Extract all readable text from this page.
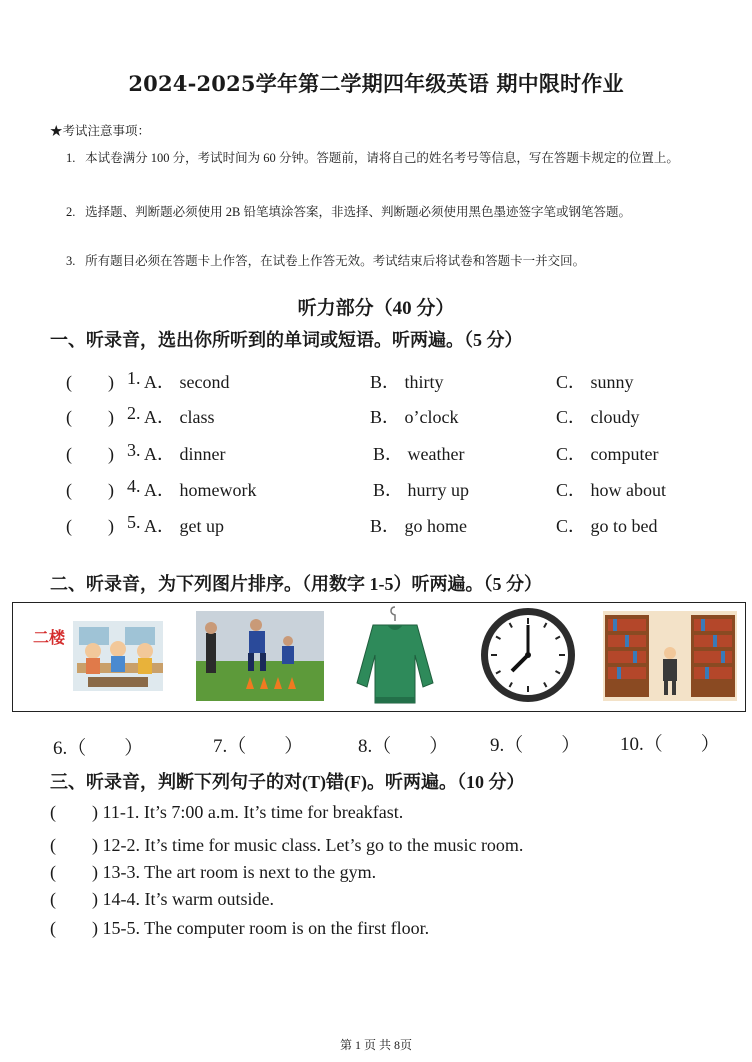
2024-2025学年第二学期四年级英语 期中限时作业
★考试注意事项：
1. 本试卷满分 100 分，考试时间为 60 分钟。答题前，请将自己的姓名考号等信息，写在答题卡规定的位置上。
2. 选择题、判断题必须使用 2B 铅笔填涂答案，非选择、判断题必须使用黑色墨迹签字笔或钢笔答题。
3. 所有题目必须在答题卡上作答，在试卷上作答无效。考试结束后将试卷和答题卡一并交回。
听力部分（40 分）
一、听录音，选出你所听到的单词或短语。听两遍。（5 分）
(　　) 1. A． second	B． thirty	C． sunny
(　　) 2. A． class	B． o’clock	C． cloudy
(　　) 3. A． dinner	B． weather	C． computer
(　　) 4. A． homework	B． hurry up	C． how about
(　　) 5. A． get up	B． go home	C． go to bed
二、听录音，为下列图片排序。（用数字 1-5）听两遍。（5 分）
二楼
6.（　　）	7.（　　）	8.（　　） 9.（　　） 10.（　　）
三、听录音，判断下列句子的对(T)错(F)。听两遍。（10 分）
(　　) 11-1. It’s 7:00 a.m. It’s time for breakfast.
(　　) 12-2. It’s time for music class. Let’s go to the music room.
(　　) 13-3. The art room is next to the gym.
(　　) 14-4. It’s warm outside.
(　　) 15-5. The computer room is on the first floor.
第 1 页 共 8页
